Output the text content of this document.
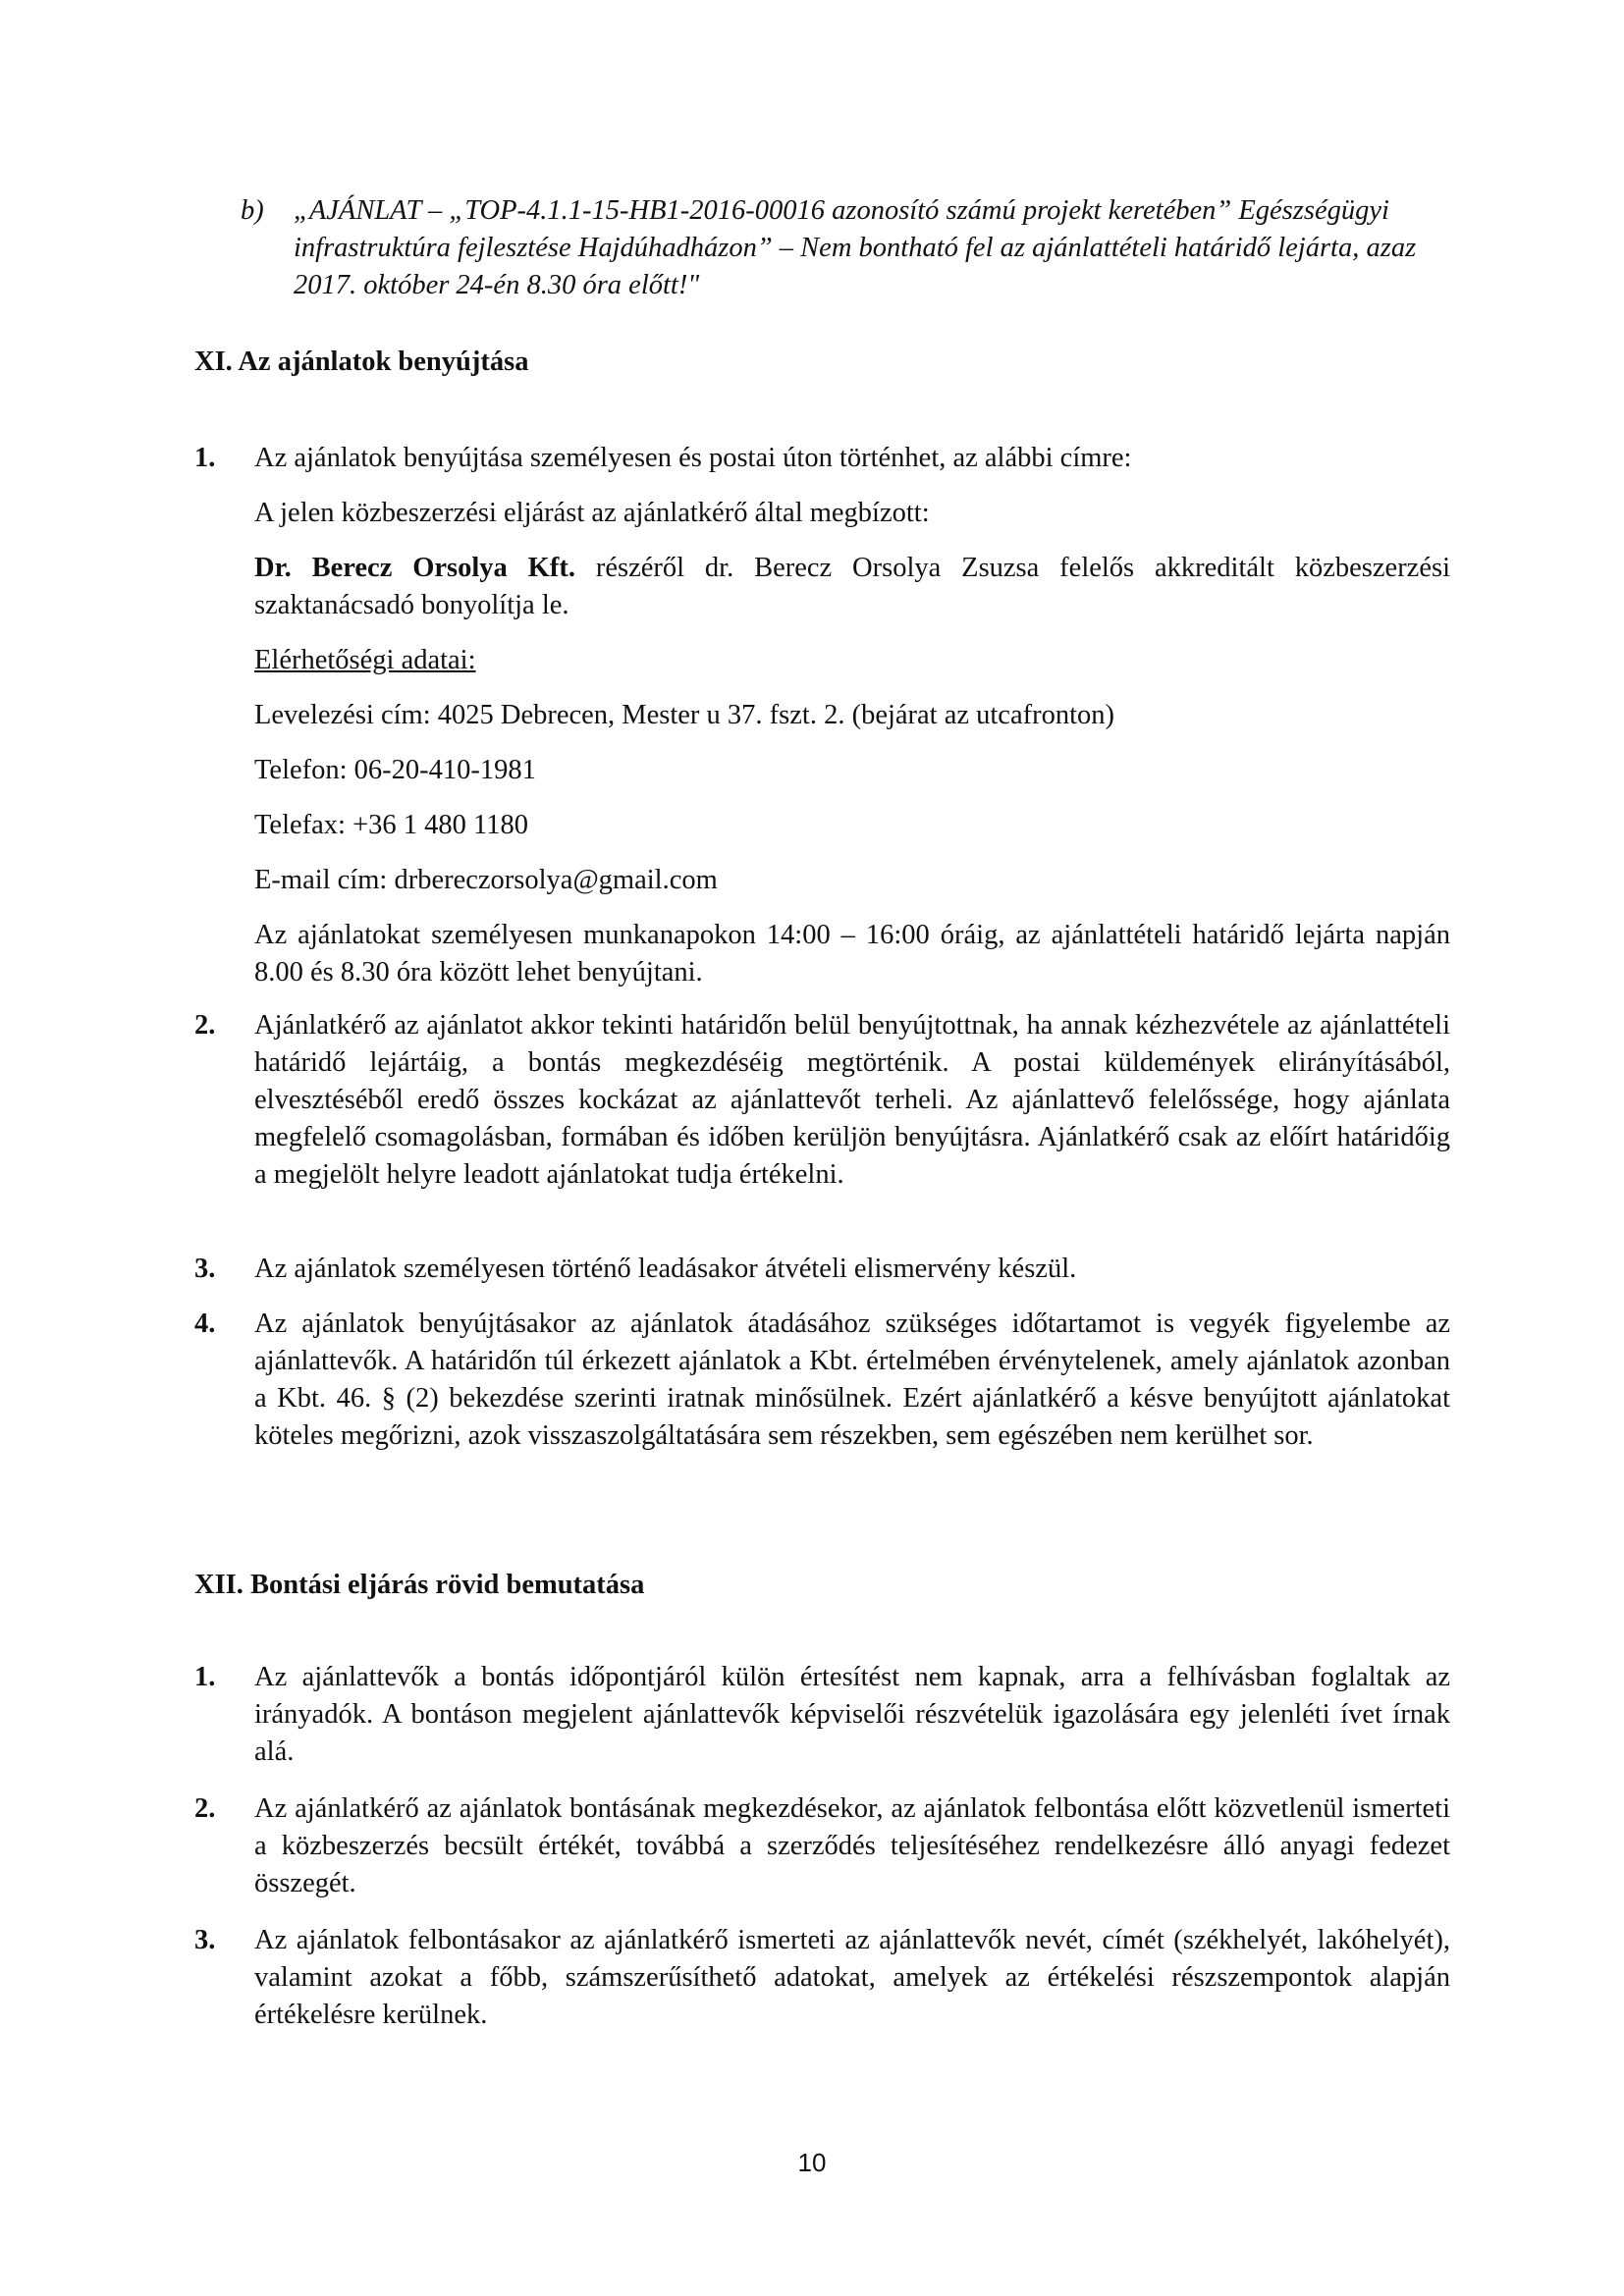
b) „AJÁNLAT – „TOP-4.1.1-15-HB1-2016-00016 azonosító számú projekt keretében” Egészségügyi infrastruktúra fejlesztése Hajdúhadházon” – Nem bontható fel az ajánlattételi határidő lejárta, azaz 2017. október 24-én 8.30 óra előtt!"
XI. Az ajánlatok benyújtása
1. Az ajánlatok benyújtása személyesen és postai úton történhet, az alábbi címre:
A jelen közbeszerzési eljárást az ajánlatkérő által megbízott:
Dr. Berecz Orsolya Kft. részéről dr. Berecz Orsolya Zsuzsa felelős akkreditált közbeszerzési szaktanácsadó bonyolítja le.
Elérhetőségi adatai:
Levelezési cím: 4025 Debrecen, Mester u 37. fszt. 2. (bejárat az utcafronton)
Telefon: 06-20-410-1981
Telefax: +36 1 480 1180
E-mail cím: drbereczorsolya@gmail.com
Az ajánlatokat személyesen munkanapokon 14:00 – 16:00 óráig, az ajánlattételi határidő lejárta napján 8.00 és 8.30 óra között lehet benyújtani.
2. Ajánlatkérő az ajánlatot akkor tekinti határidőn belül benyújtottnak, ha annak kézhezvétele az ajánlattételi határidő lejártáig, a bontás megkezdéséig megtörténik. A postai küldemények elirányításából, elvesztéséből eredő összes kockázat az ajánlattevőt terheli. Az ajánlattevő felelőssége, hogy ajánlata megfelelő csomagolásban, formában és időben kerüljön benyújtásra. Ajánlatkérő csak az előírt határidőig a megjelölt helyre leadott ajánlatokat tudja értékelni.
3. Az ajánlatok személyesen történő leadásakor átvételi elismervény készül.
4. Az ajánlatok benyújtásakor az ajánlatok átadásához szükséges időtartamot is vegyék figyelembe az ajánlattevők. A határidőn túl érkezett ajánlatok a Kbt. értelmében érvénytelenek, amely ajánlatok azonban a Kbt. 46. § (2) bekezdése szerinti iratnak minősülnek. Ezért ajánlatkérő a késve benyújtott ajánlatokat köteles megőrizni, azok visszaszolgáltatására sem részekben, sem egészében nem kerülhet sor.
XII. Bontási eljárás rövid bemutatása
1. Az ajánlattevők a bontás időpontjáról külön értesítést nem kapnak, arra a felhívásban foglaltak az irányadók. A bontáson megjelent ajánlattevők képviselői részvételük igazolására egy jelenléti ívet írnak alá.
2. Az ajánlatkérő az ajánlatok bontásának megkezdésekor, az ajánlatok felbontása előtt közvetlenül ismerteti a közbeszerzés becsült értékét, továbbá a szerződés teljesítéséhez rendelkezésre álló anyagi fedezet összegét.
3. Az ajánlatok felbontásakor az ajánlatkérő ismerteti az ajánlattevők nevét, címét (székhelyét, lakóhelyét), valamint azokat a főbb, számszerűsíthető adatokat, amelyek az értékelési részszempontok alapján értékelésre kerülnek.
10
